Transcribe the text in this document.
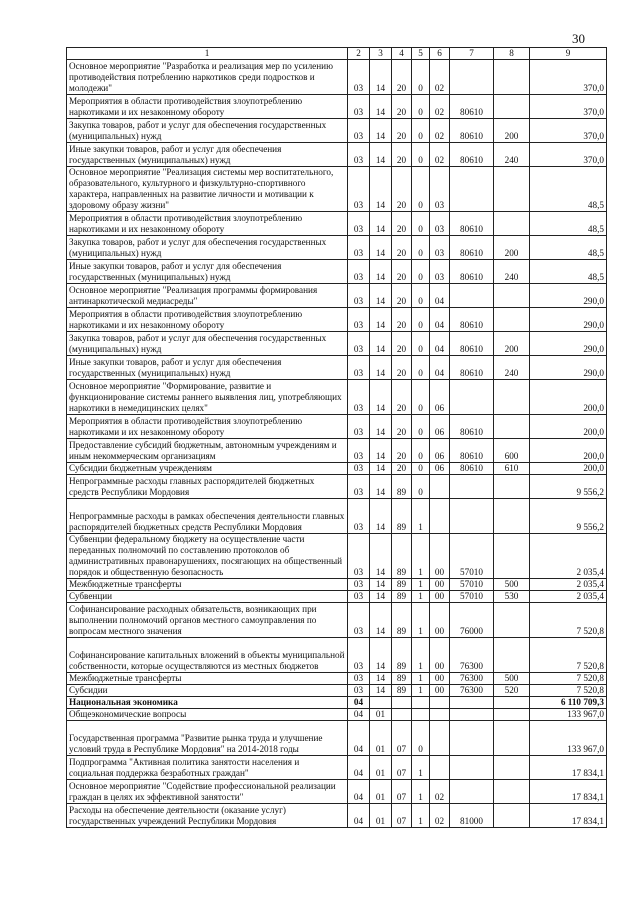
30
1	2	3	4	5	6	7	8	9
Основное мероприятие "Разработка и реализация мер по усилению противодействия потреблению наркотиков среди подростков и молодежи"	03	14	20	0	02			370,0
Мероприятия в области противодействия злоупотреблению наркотиками и их незаконному обороту	03	14	20	0	02	80610		370,0
Закупка товаров, работ и услуг для обеспечения государственных (муниципальных) нужд	03	14	20	0	02	80610	200	370,0
Иные закупки товаров, работ и услуг для обеспечения государственных (муниципальных) нужд	03	14	20	0	02	80610	240	370,0
Основное мероприятие "Реализация системы мер воспитательного, образовательного, культурного и физкультурно-спортивного характера, направленных на развитие личности и мотивации к здоровому образу жизни"	03	14	20	0	03			48,5
Мероприятия в области противодействия злоупотреблению наркотиками и их незаконному обороту	03	14	20	0	03	80610		48,5
Закупка товаров, работ и услуг для обеспечения государственных (муниципальных) нужд	03	14	20	0	03	80610	200	48,5
Иные закупки товаров, работ и услуг для обеспечения государственных (муниципальных) нужд	03	14	20	0	03	80610	240	48,5
Основное мероприятие "Реализация программы формирования антинаркотической медиасреды"	03	14	20	0	04			290,0
Мероприятия в области противодействия злоупотреблению наркотиками и их незаконному обороту	03	14	20	0	04	80610		290,0
Закупка товаров, работ и услуг для обеспечения государственных (муниципальных) нужд	03	14	20	0	04	80610	200	290,0
Иные закупки товаров, работ и услуг для обеспечения государственных (муниципальных) нужд	03	14	20	0	04	80610	240	290,0
Основное мероприятие "Формирование, развитие и функционирование системы раннего выявления лиц, употребляющих наркотики в немедицинских целях"	03	14	20	0	06			200,0
Мероприятия в области противодействия злоупотреблению наркотиками и их незаконному обороту	03	14	20	0	06	80610		200,0
Предоставление субсидий бюджетным, автономным учреждениям и иным некоммерческим организациям	03	14	20	0	06	80610	600	200,0
Субсидии бюджетным учреждениям	03	14	20	0	06	80610	610	200,0
Непрограммные расходы главных распорядителей бюджетных средств Республики Мордовия	03	14	89	0				9 556,2
Непрограммные расходы в рамках обеспечения деятельности главных распорядителей бюджетных средств Республики Мордовия	03	14	89	1				9 556,2
Субвенции федеральному бюджету на осуществление части переданных полномочий по составлению протоколов об административных правонарушениях, посягающих на общественный порядок и общественную безопасность	03	14	89	1	00	57010		2 035,4
Межбюджетные трансферты	03	14	89	1	00	57010	500	2 035,4
Субвенции	03	14	89	1	00	57010	530	2 035,4
Софинансирование расходных обязательств, возникающих при выполнении полномочий органов местного самоуправления по вопросам местного значения	03	14	89	1	00	76000		7 520,8
Софинансирование капитальных вложений в объекты муниципальной собственности, которые осуществляются из местных бюджетов	03	14	89	1	00	76300		7 520,8
Межбюджетные трансферты	03	14	89	1	00	76300	500	7 520,8
Субсидии	03	14	89	1	00	76300	520	7 520,8
Национальная экономика	04							6 110 709,3
Общеэкономические вопросы	04	01						133 967,0
Государственная программа "Развитие рынка труда и улучшение условий труда в Республике Мордовия" на 2014-2018 годы	04	01	07	0				133 967,0
Подпрограмма "Активная политика занятости населения и социальная поддержка безработных граждан"	04	01	07	1				17 834,1
Основное мероприятие "Содействие профессиональной реализации граждан в целях их эффективной занятости"	04	01	07	1	02			17 834,1
Расходы на обеспечение деятельности (оказание услуг) государственных учреждений Республики Мордовия	04	01	07	1	02	81000		17 834,1
